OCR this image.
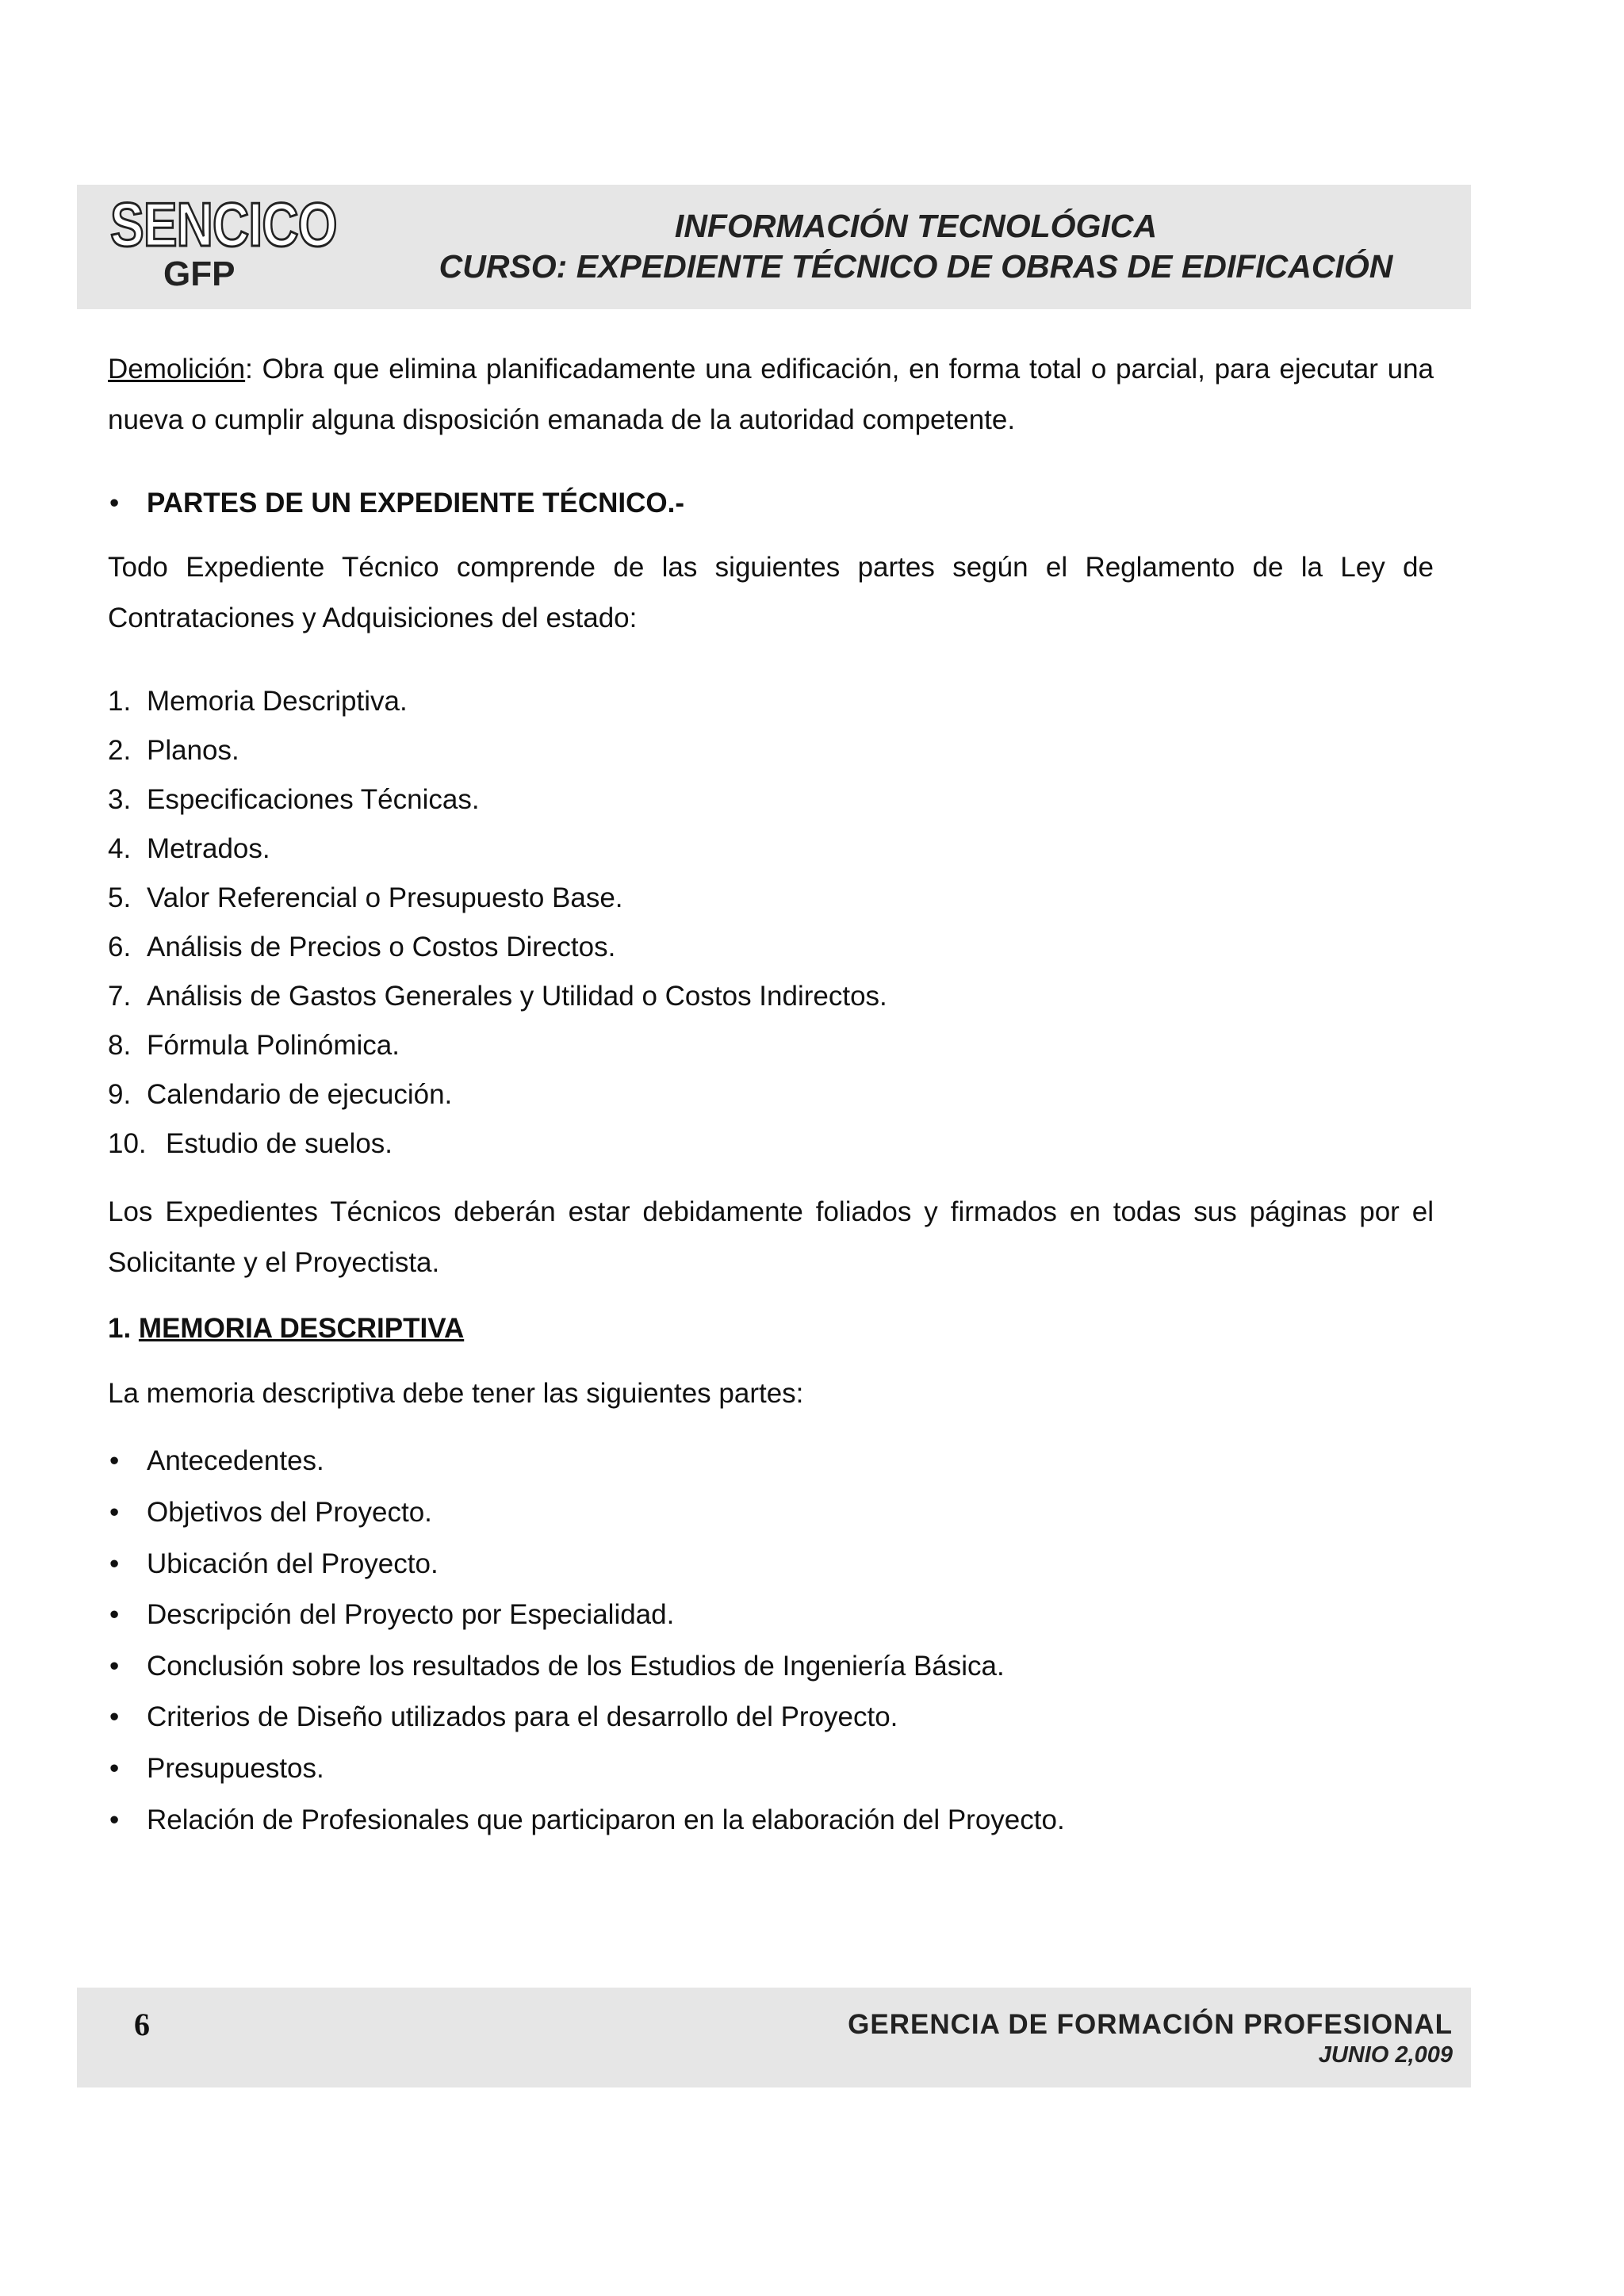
SENCICO
GFP
INFORMACIÓN TECNOLÓGICA
CURSO: EXPEDIENTE TÉCNICO DE OBRAS DE EDIFICACIÓN
Demolición: Obra que elimina planificadamente una edificación, en forma total o parcial, para ejecutar una nueva o cumplir alguna disposición emanada de la autoridad competente.
• PARTES DE UN EXPEDIENTE TÉCNICO.-
Todo Expediente Técnico comprende de las siguientes partes según el Reglamento de la Ley de Contrataciones y Adquisiciones del estado:
1. Memoria Descriptiva.
2. Planos.
3. Especificaciones Técnicas.
4. Metrados.
5. Valor Referencial o Presupuesto Base.
6. Análisis de Precios o Costos Directos.
7. Análisis de Gastos Generales y Utilidad o Costos Indirectos.
8. Fórmula Polinómica.
9. Calendario de ejecución.
10. Estudio de suelos.
Los Expedientes Técnicos deberán estar debidamente foliados y firmados en todas sus páginas por el Solicitante y el Proyectista.
1. MEMORIA DESCRIPTIVA
La memoria descriptiva debe tener las siguientes partes:
• Antecedentes.
• Objetivos del Proyecto.
• Ubicación del Proyecto.
• Descripción del Proyecto por Especialidad.
• Conclusión sobre los resultados de los Estudios de Ingeniería Básica.
• Criterios de Diseño utilizados para el desarrollo del Proyecto.
• Presupuestos.
• Relación de Profesionales que participaron en la elaboración del Proyecto.
6	GERENCIA DE FORMACIÓN PROFESIONAL
JUNIO 2,009
